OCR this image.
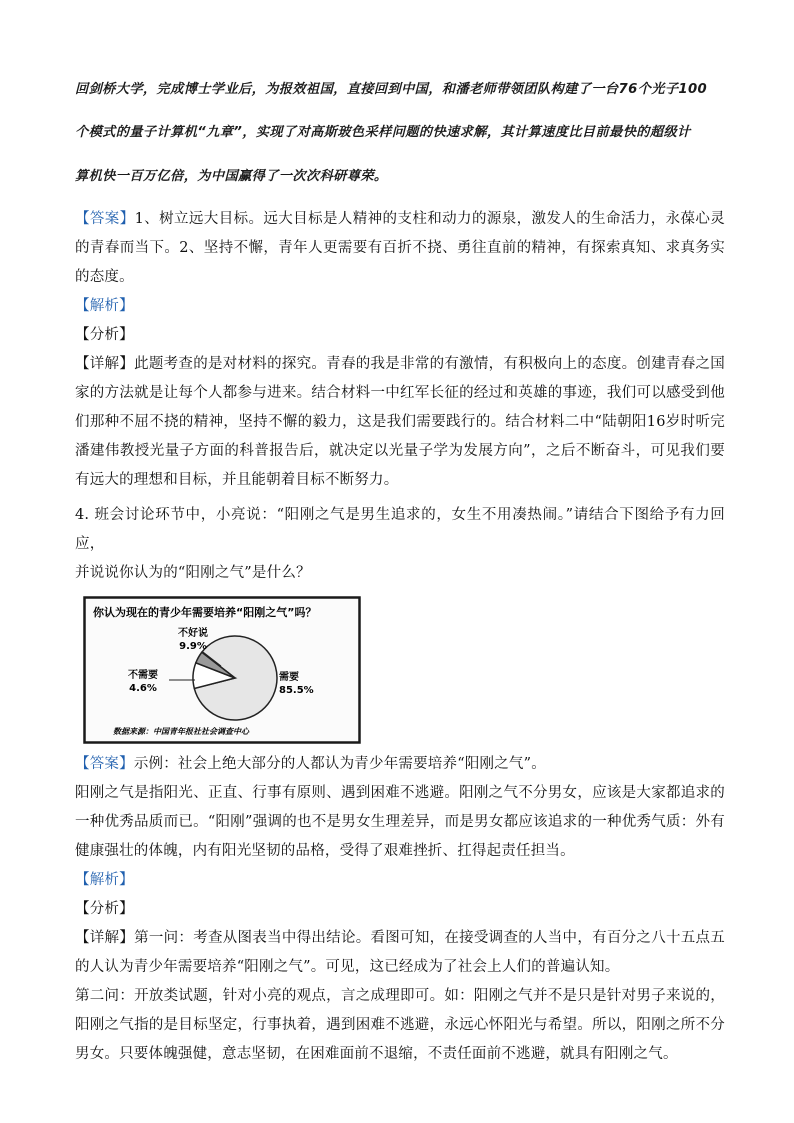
回剑桥大学，完成博士学业后，为报效祖国，直接回到中国，和潘老师带领团队构建了一台76个光子100

个模式的量子计算机“九章”，实现了对高斯玻色采样问题的快速求解，其计算速度比目前最快的超级计

算机快一百万亿倍，为中国赢得了一次次科研尊荣。

【答案】1、树立远大目标。远大目标是人精神的支柱和动力的源泉，激发人的生命活力，永葆心灵的青春而当下。2、坚持不懈，青年人更需要有百折不挠、勇往直前的精神，有探索真知、求真务实的态度。

【解析】

【分析】

【详解】此题考查的是对材料的探究。青春的我是非常的有激情，有积极向上的态度。创建青春之国家的方法就是让每个人都参与进来。结合材料一中红军长征的经过和英雄的事迹，我们可以感受到他们那种不屈不挠的精神，坚持不懈的毅力，这是我们需要践行的。结合材料二中“陆朝阳16岁时听完潘建伟教授光量子方面的科普报告后，就决定以光量子学为发展方向”，之后不断奋斗，可见我们要有远大的理想和目标，并且能朝着目标不断努力。

4. 班会讨论环节中，小亮说：“阳刚之气是男生追求的，女生不用凑热闹。”请结合下图给予有力回应，
并说说你认为的“阳刚之气”是什么？

你认为现在的青少年需要培养“阳刚之气”吗？
数据来源：中国青年报社社会调查中心
需要
85.5%
不好说
9.9%
不需要
4.6%

【答案】示例：社会上绝大部分的人都认为青少年需要培养“阳刚之气”。

阳刚之气是指阳光、正直、行事有原则、遇到困难不逃避。阳刚之气不分男女，应该是大家都追求的一种优秀品质而已。“阳刚”强调的也不是男女生理差异，而是男女都应该追求的一种优秀气质：外有健康强壮的体魄，内有阳光坚韧的品格，受得了艰难挫折、扛得起责任担当。

【解析】

【分析】

【详解】第一问：考查从图表当中得出结论。看图可知，在接受调查的人当中，有百分之八十五点五的人认为青少年需要培养“阳刚之气”。可见，这已经成为了社会上人们的普遍认知。

第二问：开放类试题，针对小亮的观点，言之成理即可。如：阳刚之气并不是只是针对男子来说的，阳刚之气指的是目标坚定，行事执着，遇到困难不逃避，永远心怀阳光与希望。所以，阳刚之所不分男女。只要体魄强健，意志坚韧，在困难面前不退缩，不责任面前不逃避，就具有阳刚之气。
